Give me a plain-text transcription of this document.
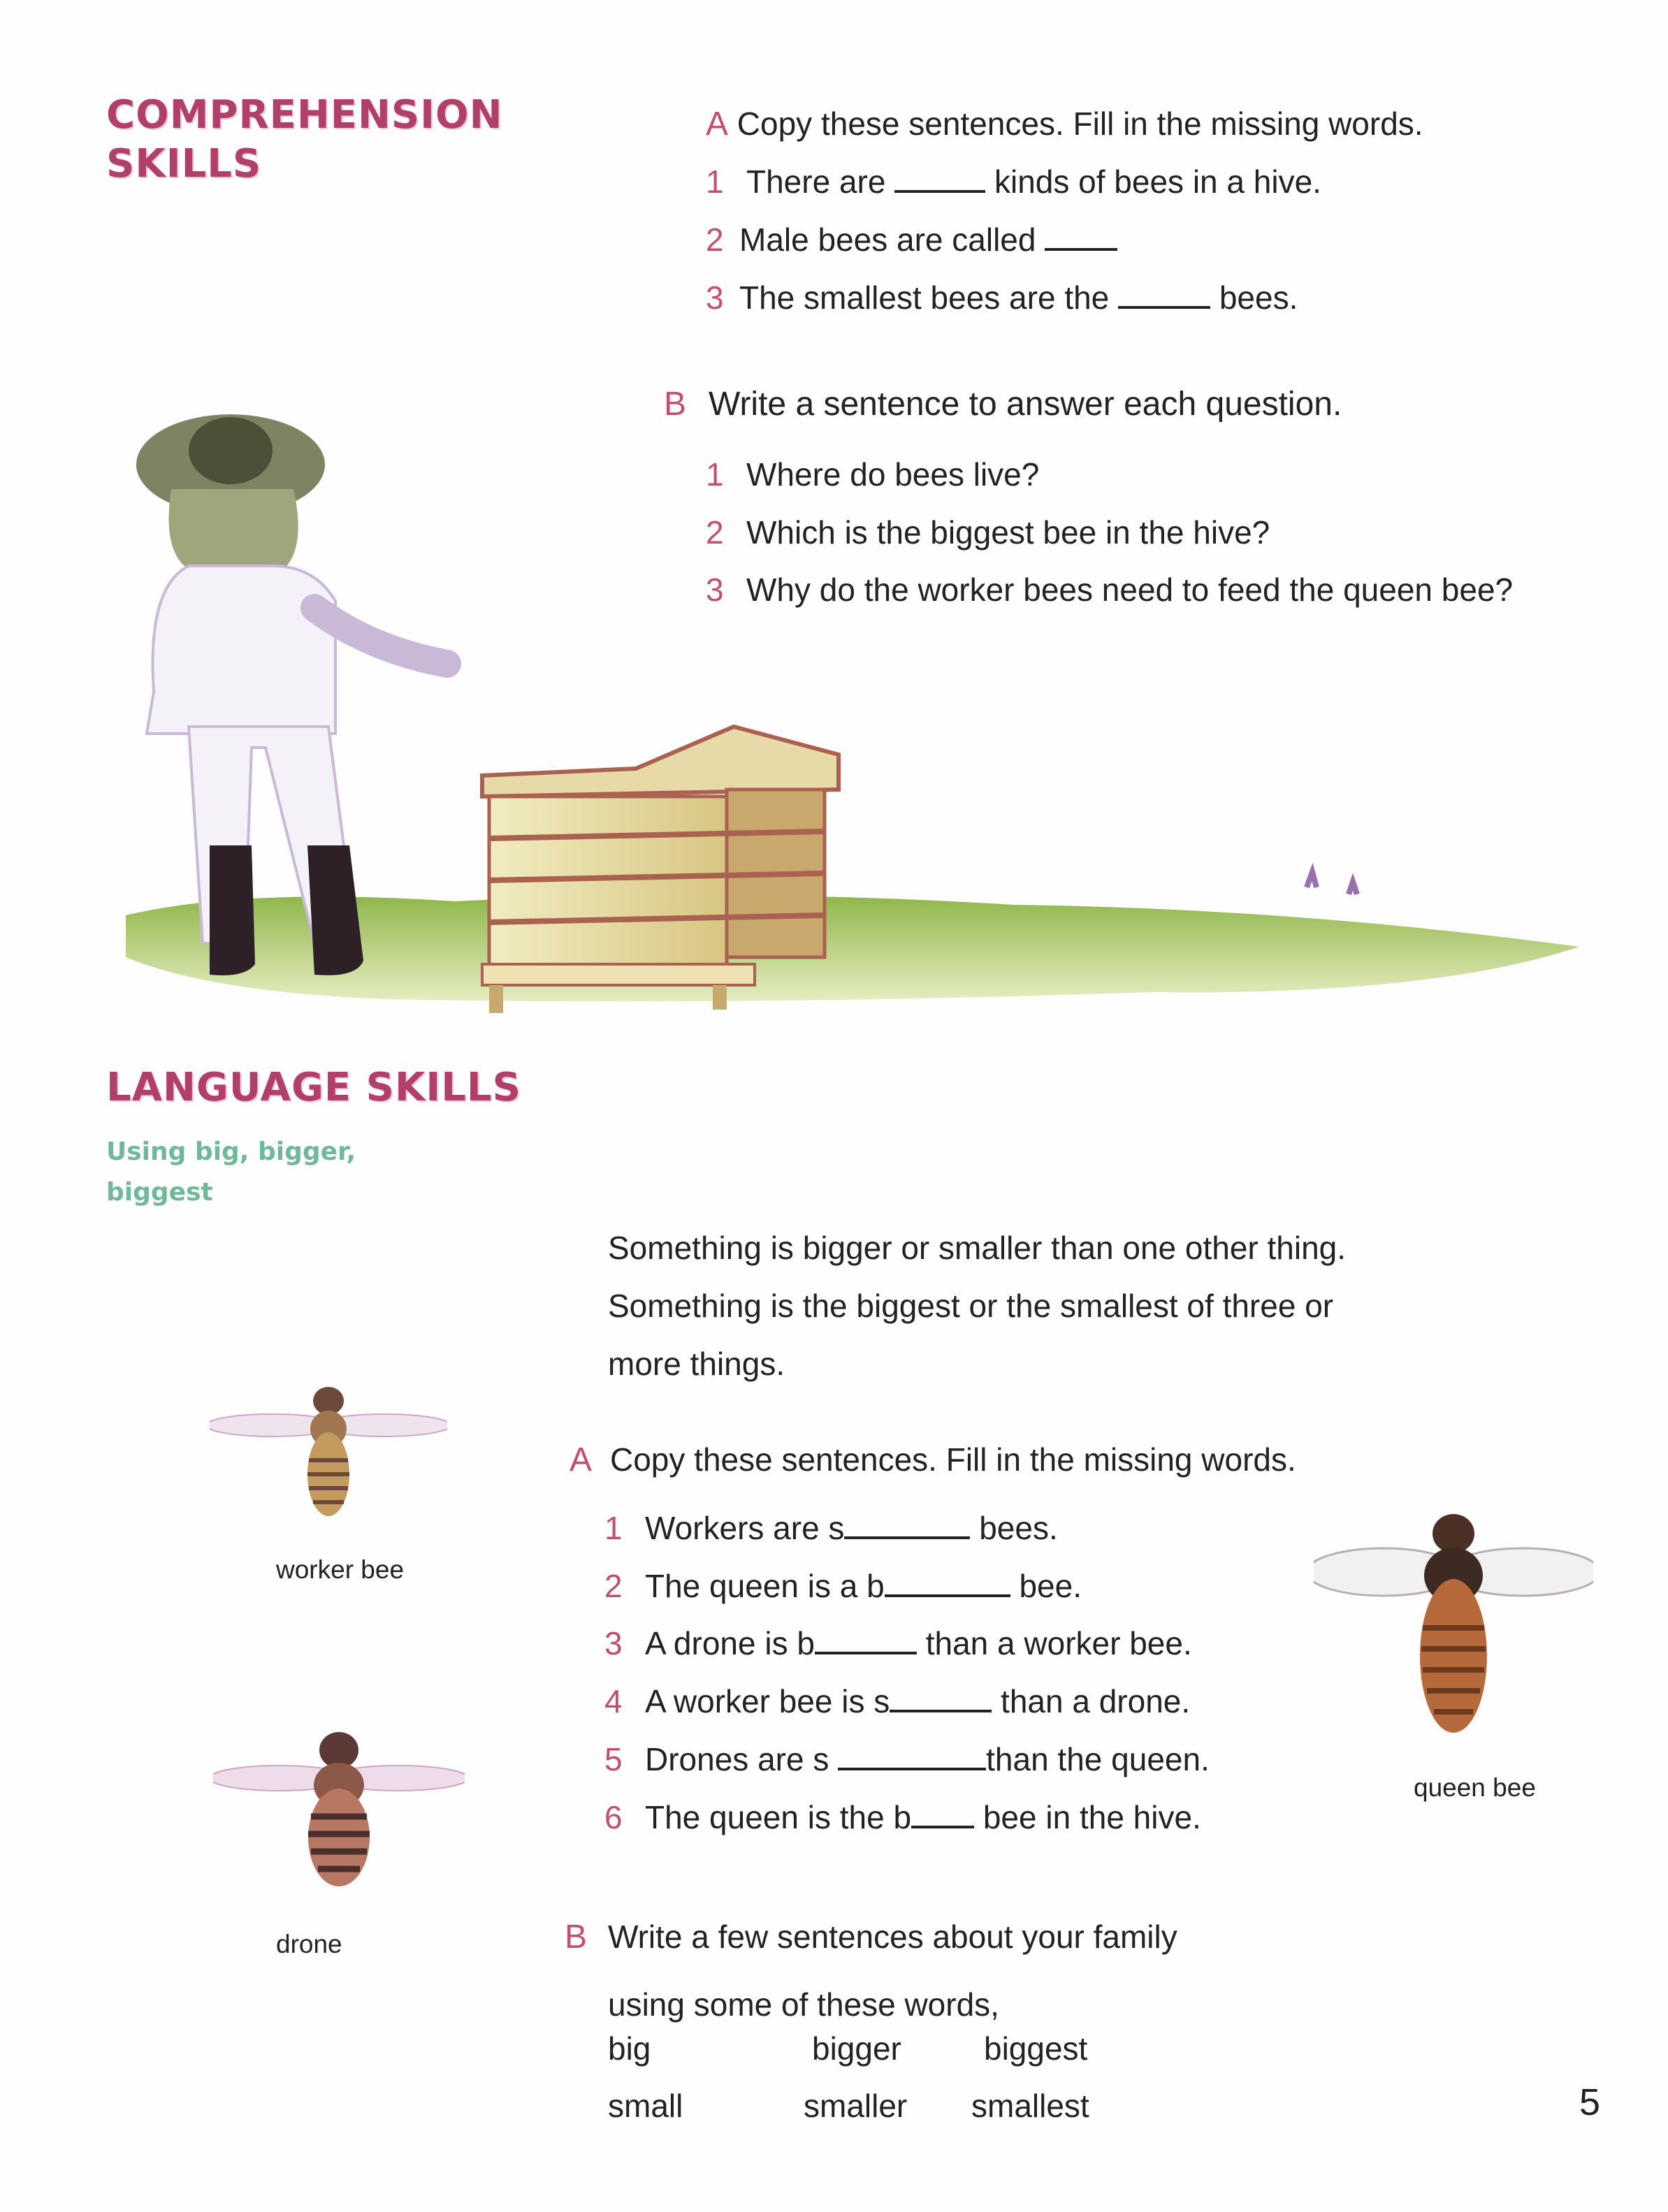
COMPREHENSION
SKILLS
A Copy these sentences. Fill in the missing words.
1 There are	kinds of bees in a hive.
2 Male bees are called
3 The smallest bees are the	bees.
B Write a sentence to answer each question.
1 Where do bees live?
2 Which is the biggest bee in the hive?
3 Why do the worker bees need to feed the queen bee?
LANGUAGE SKILLS
Using big, bigger,
biggest
Something is bigger or smaller than one other thing.
Something is the biggest or the smallest of three or
more things.
A Copy these sentences. Fill in the missing words.
1 Workers are s	bees.
2 The queen is a b	bee.
3 A drone is b	than a worker bee.
4 A worker bee is s	than a drone.
5 Drones are s	than the queen.
6 The queen is the b bee in the hive.
B Write a few sentences about your family
using some of these words,
big	bigger	biggest
small	smaller smallest
worker bee
drone
queen bee
5
